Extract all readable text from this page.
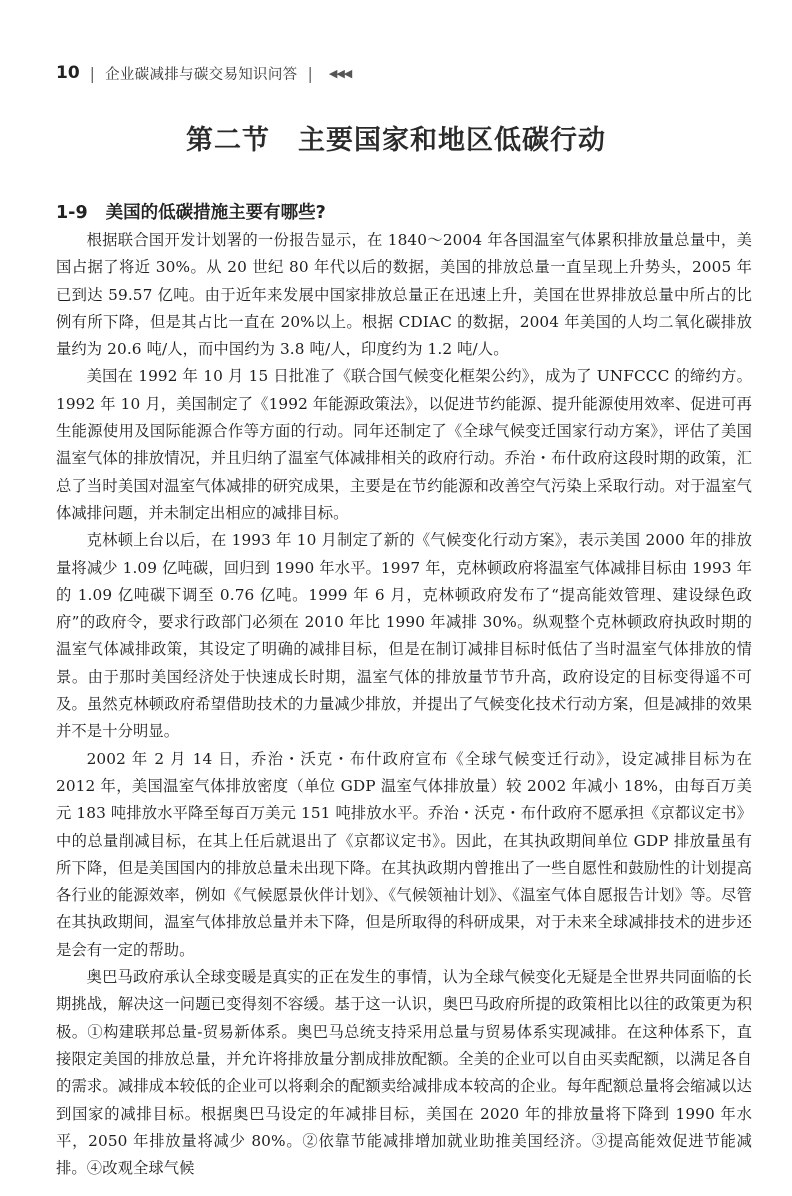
10 | 企业碳减排与碳交易知识问答 | ◀◀◀
第二节 主要国家和地区低碳行动
1-9 美国的低碳措施主要有哪些?

根据联合国开发计划署的一份报告显示，在 1840～2004 年各国温室气体累积排放量总量中，美国占据了将近 30%。从 20 世纪 80 年代以后的数据，美国的排放总量一直呈现上升势头，2005 年已到达 59.57 亿吨。由于近年来发展中国家排放总量正在迅速上升，美国在世界排放总量中所占的比例有所下降，但是其占比一直在 20%以上。根据 CDIAC 的数据，2004 年美国的人均二氧化碳排放量约为 20.6 吨/人，而中国约为 3.8 吨/人，印度约为 1.2 吨/人。

美国在 1992 年 10 月 15 日批准了《联合国气候变化框架公约》，成为了 UNFCCC 的缔约方。1992 年 10 月，美国制定了《1992 年能源政策法》，以促进节约能源、提升能源使用效率、促进可再生能源使用及国际能源合作等方面的行动。同年还制定了《全球气候变迁国家行动方案》，评估了美国温室气体的排放情况，并且归纳了温室气体减排相关的政府行动。乔治・布什政府这段时期的政策，汇总了当时美国对温室气体减排的研究成果，主要是在节约能源和改善空气污染上采取行动。对于温室气体减排问题，并未制定出相应的减排目标。

克林顿上台以后，在 1993 年 10 月制定了新的《气候变化行动方案》，表示美国 2000 年的排放量将减少 1.09 亿吨碳，回归到 1990 年水平。1997 年，克林顿政府将温室气体减排目标由 1993 年的 1.09 亿吨碳下调至 0.76 亿吨。1999 年 6 月，克林顿政府发布了“提高能效管理、建设绿色政府”的政府令，要求行政部门必须在 2010 年比 1990 年减排 30%。纵观整个克林顿政府执政时期的温室气体减排政策，其设定了明确的减排目标，但是在制订减排目标时低估了当时温室气体排放的情景。由于那时美国经济处于快速成长时期，温室气体的排放量节节升高，政府设定的目标变得遥不可及。虽然克林顿政府希望借助技术的力量减少排放，并提出了气候变化技术行动方案，但是减排的效果并不是十分明显。

2002 年 2 月 14 日，乔治・沃克・布什政府宣布《全球气候变迁行动》，设定减排目标为在 2012 年，美国温室气体排放密度（单位 GDP 温室气体排放量）较 2002 年减小 18%，由每百万美元 183 吨排放水平降至每百万美元 151 吨排放水平。乔治・沃克・布什政府不愿承担《京都议定书》中的总量削减目标，在其上任后就退出了《京都议定书》。因此，在其执政期间单位 GDP 排放量虽有所下降，但是美国国内的排放总量未出现下降。在其执政期内曾推出了一些自愿性和鼓励性的计划提高各行业的能源效率，例如《气候愿景伙伴计划》、《气候领袖计划》、《温室气体自愿报告计划》等。尽管在其执政期间，温室气体排放总量并未下降，但是所取得的科研成果，对于未来全球减排技术的进步还是会有一定的帮助。

奥巴马政府承认全球变暖是真实的正在发生的事情，认为全球气候变化无疑是全世界共同面临的长期挑战，解决这一问题已变得刻不容缓。基于这一认识，奥巴马政府所提的政策相比以往的政策更为积极。①构建联邦总量-贸易新体系。奥巴马总统支持采用总量与贸易体系实现减排。在这种体系下，直接限定美国的排放总量，并允许将排放量分割成排放配额。全美的企业可以自由买卖配额，以满足各自的需求。减排成本较低的企业可以将剩余的配额卖给减排成本较高的企业。每年配额总量将会缩减以达到国家的减排目标。根据奥巴马设定的年减排目标，美国在 2020 年的排放量将下降到 1990 年水平，2050 年排放量将减少 80%。②依靠节能减排增加就业助推美国经济。③提高能效促进节能减排。④改观全球气候
